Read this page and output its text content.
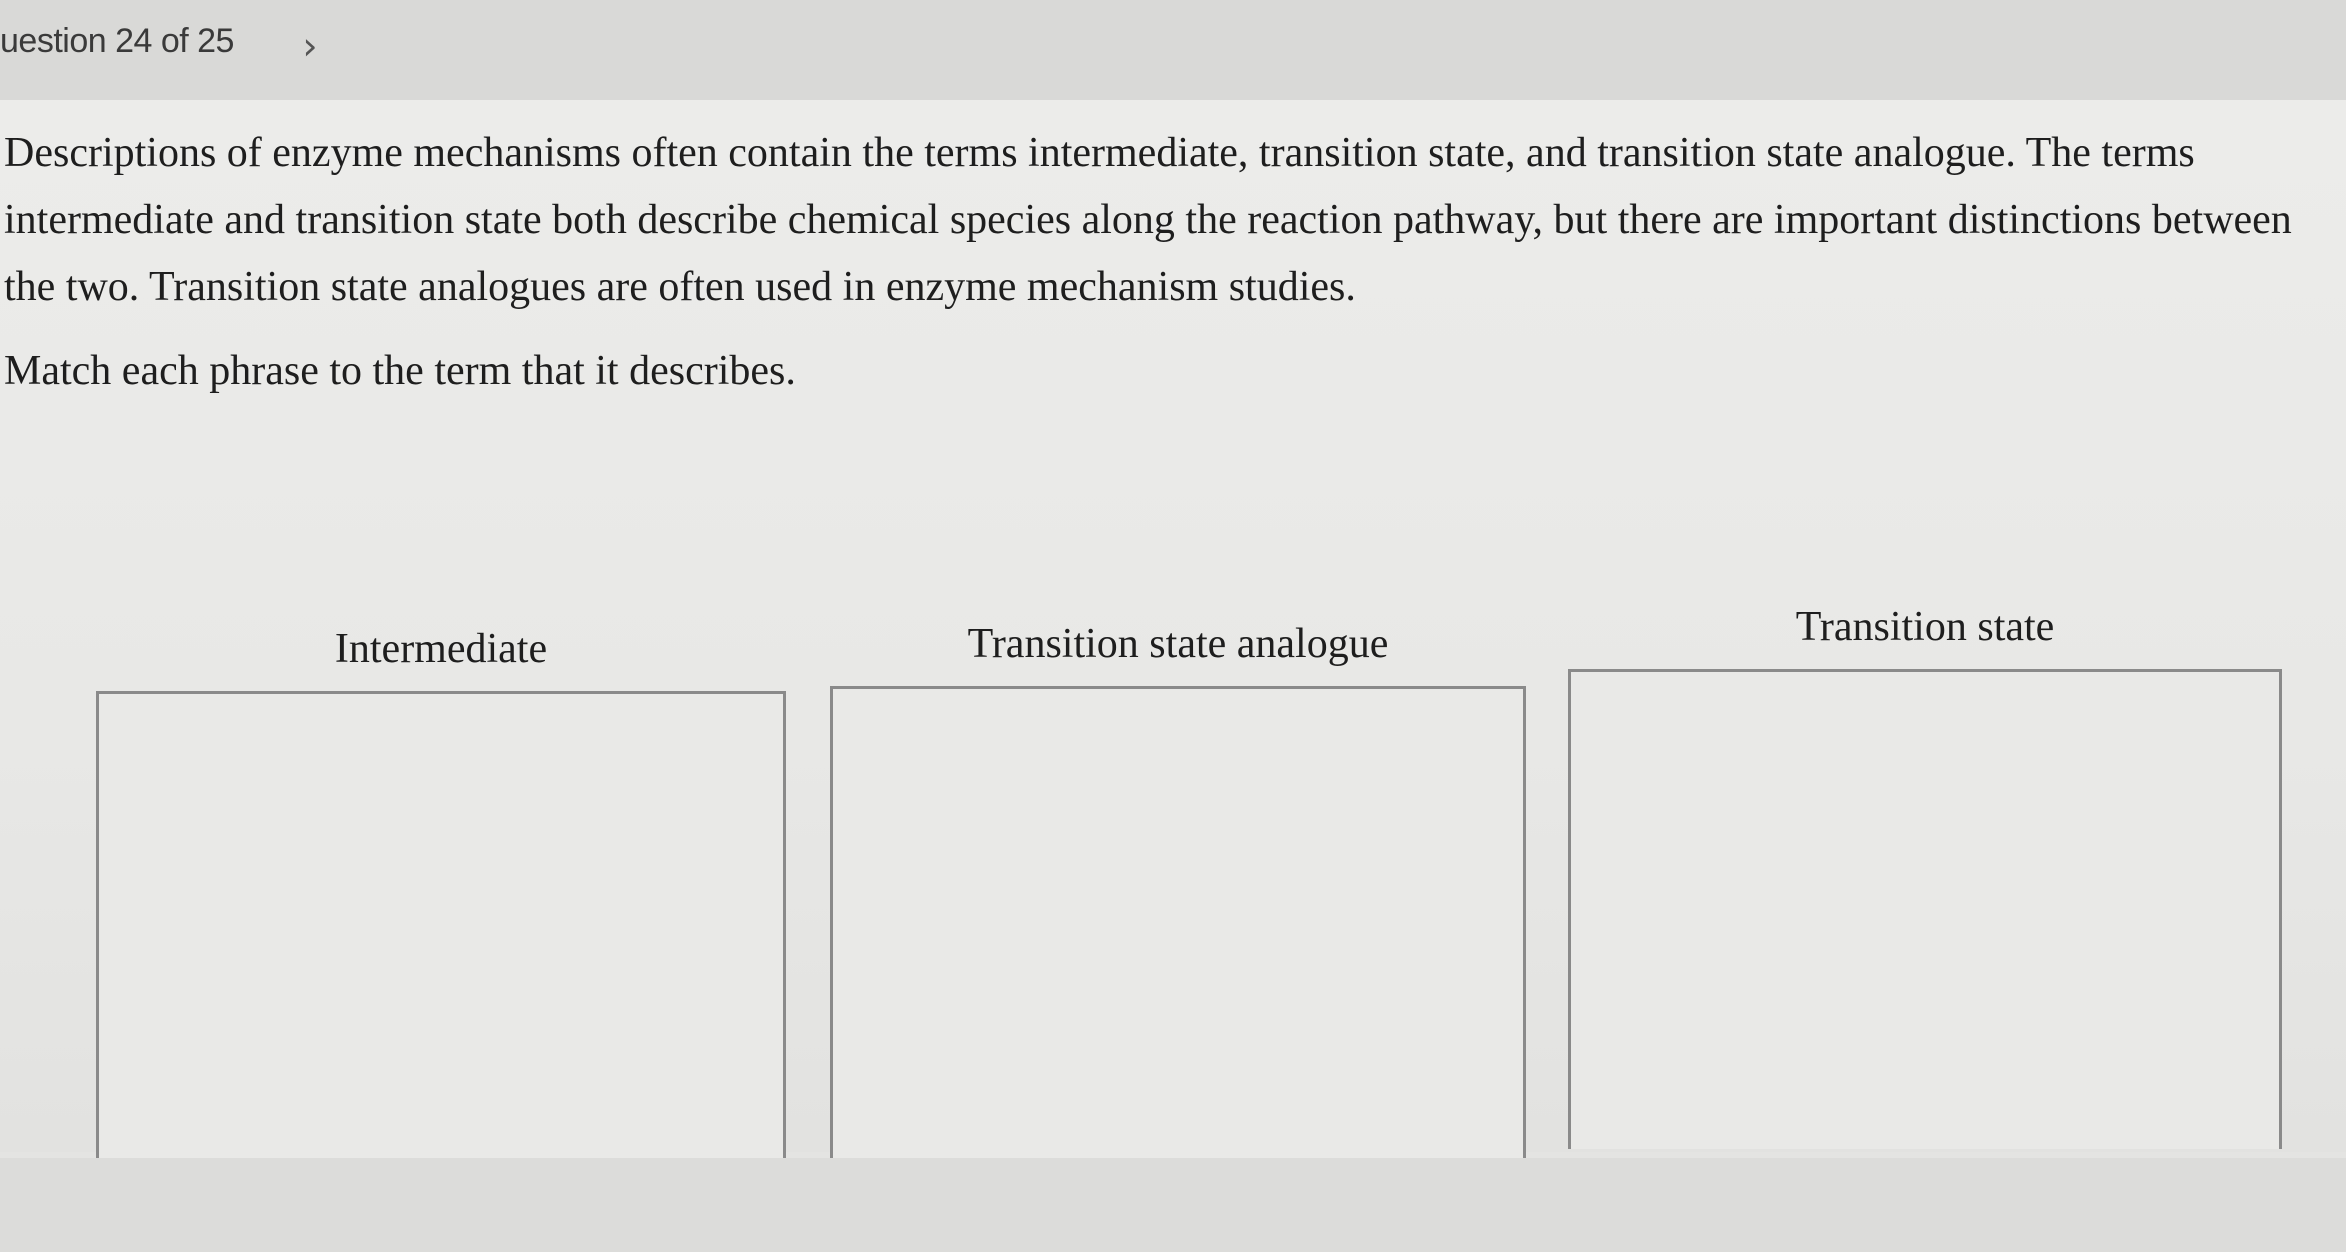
uestion 24 of 25	›

Descriptions of enzyme mechanisms often contain the terms intermediate, transition state, and transition state analogue. The terms intermediate and transition state both describe chemical species along the reaction pathway, but there are important distinctions between the two. Transition state analogues are often used in enzyme mechanism studies.

Match each phrase to the term that it describes.

Intermediate	Transition state analogue	Transition state
